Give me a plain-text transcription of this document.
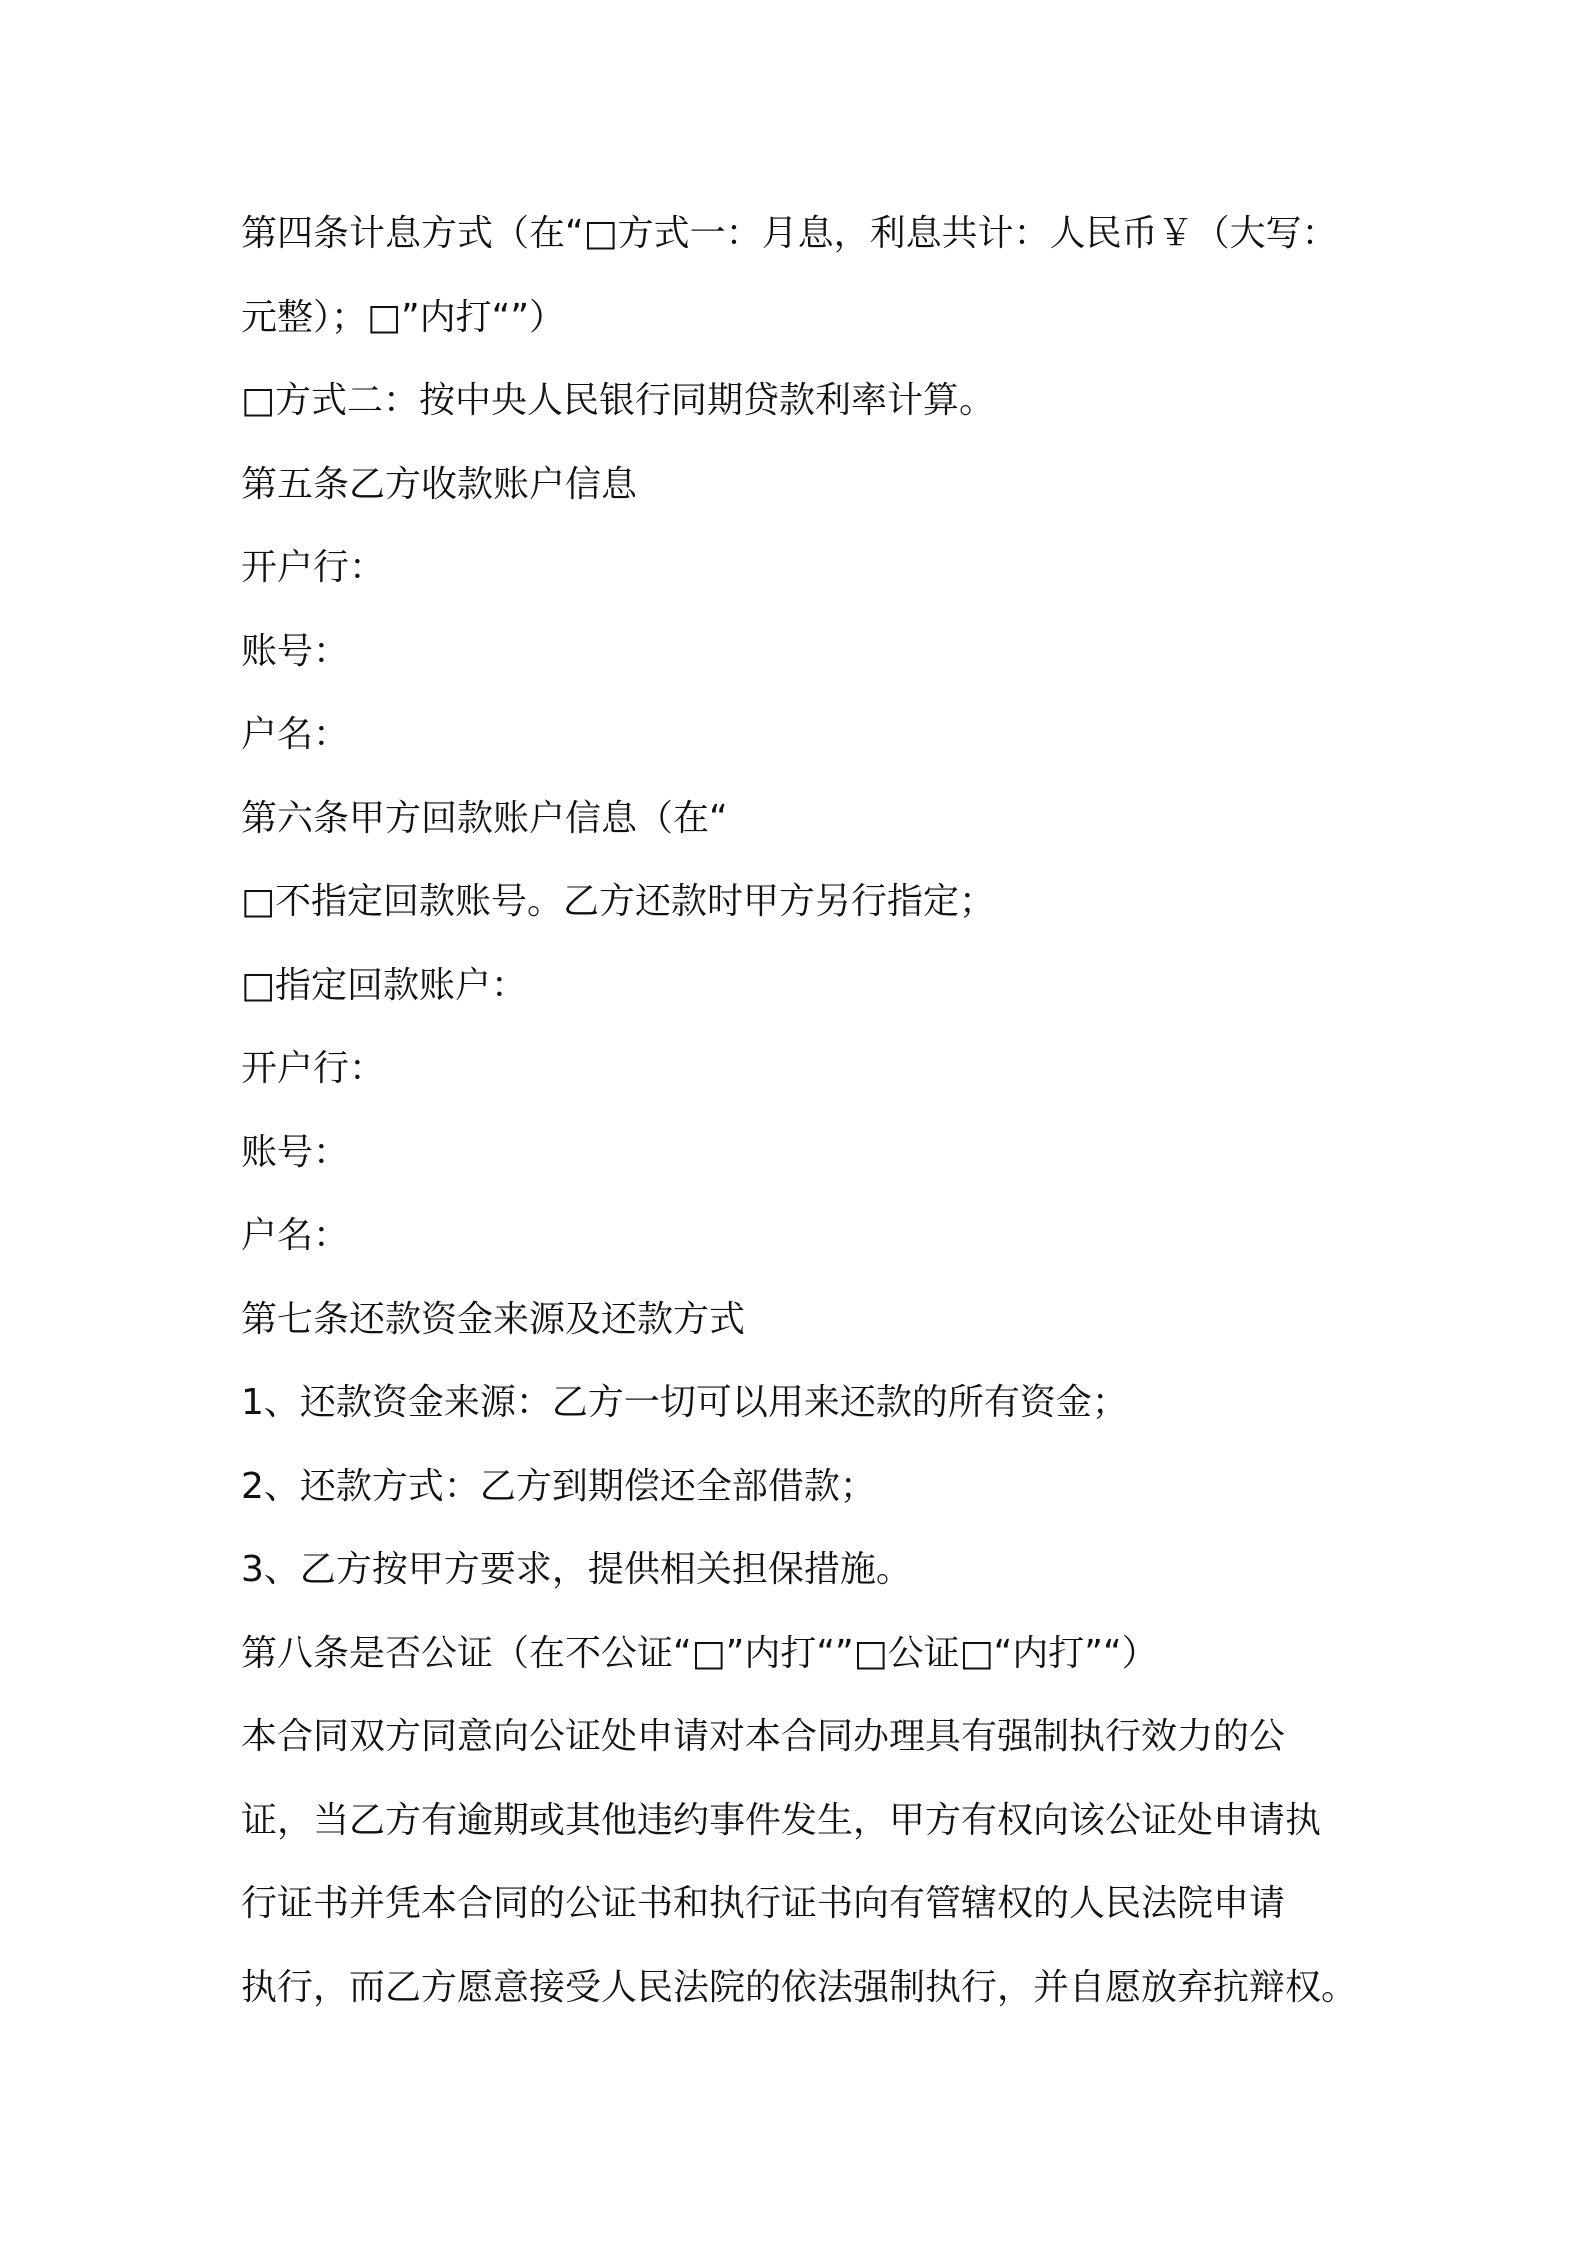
第四条计息方式（在“□方式一：月息，利息共计：人民币￥（大写：
元整）；□”内打“”）
□方式二：按中央人民银行同期贷款利率计算。
第五条乙方收款账户信息
开户行：
账号：
户名：
第六条甲方回款账户信息（在“
□不指定回款账号。乙方还款时甲方另行指定；
□指定回款账户：
开户行：
账号：
户名：
第七条还款资金来源及还款方式
1、还款资金来源：乙方一切可以用来还款的所有资金；
2、还款方式：乙方到期偿还全部借款；
3、乙方按甲方要求，提供相关担保措施。
第八条是否公证（在不公证“□”内打“”□公证□“内打”“）
本合同双方同意向公证处申请对本合同办理具有强制执行效力的公
证，当乙方有逾期或其他违约事件发生，甲方有权向该公证处申请执
行证书并凭本合同的公证书和执行证书向有管辖权的人民法院申请
执行，而乙方愿意接受人民法院的依法强制执行，并自愿放弃抗辩权。
